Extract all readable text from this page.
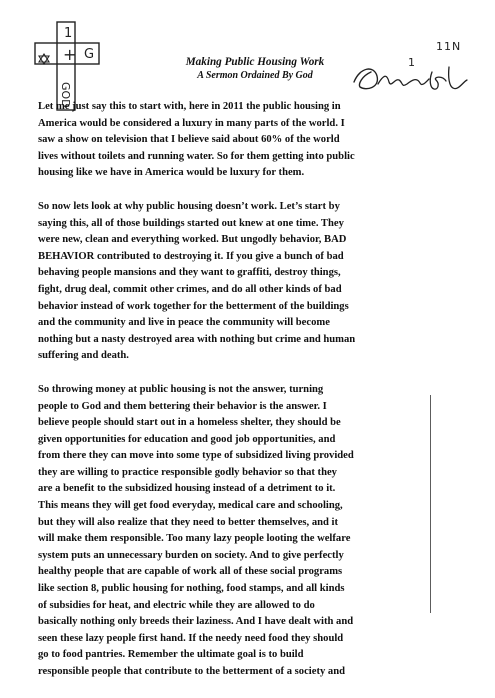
1
+ G
GOD
Making Public Housing Work
A Sermon Ordained By God
11N
1

Let me just say this to start with, here in 2011 the public housing in
America would be considered a luxury in many parts of the world. I
saw a show on television that I believe said about 60% of the world
lives without toilets and running water. So for them getting into public
housing like we have in America would be luxury for them.

So now lets look at why public housing doesn’t work. Let’s start by
saying this, all of those buildings started out knew at one time. They
were new, clean and everything worked. But ungodly behavior, BAD
BEHAVIOR contributed to destroying it. If you give a bunch of bad
behaving people mansions and they want to graffiti, destroy things,
fight, drug deal, commit other crimes, and do all other kinds of bad
behavior instead of work together for the betterment of the buildings
and the community and live in peace the community will become
nothing but a nasty destroyed area with nothing but crime and human
suffering and death.

So throwing money at public housing is not the answer, turning
people to God and them bettering their behavior is the answer. I
believe people should start out in a homeless shelter, they should be
given opportunities for education and good job opportunities, and
from there they can move into some type of subsidized living provided
they are willing to practice responsible godly behavior so that they
are a benefit to the subsidized housing instead of a detriment to it.
This means they will get food everyday, medical care and schooling,
but they will also realize that they need to better themselves, and it
will make them responsible. Too many lazy people looting the welfare
system puts an unnecessary burden on society. And to give perfectly
healthy people that are capable of work all of these social programs
like section 8, public housing for nothing, food stamps, and all kinds
of subsidies for heat, and electric while they are allowed to do
basically nothing only breeds their laziness. And I have dealt with and
seen these lazy people first hand. If the needy need food they should
go to food pantries. Remember the ultimate goal is to build
responsible people that contribute to the betterment of a society and
